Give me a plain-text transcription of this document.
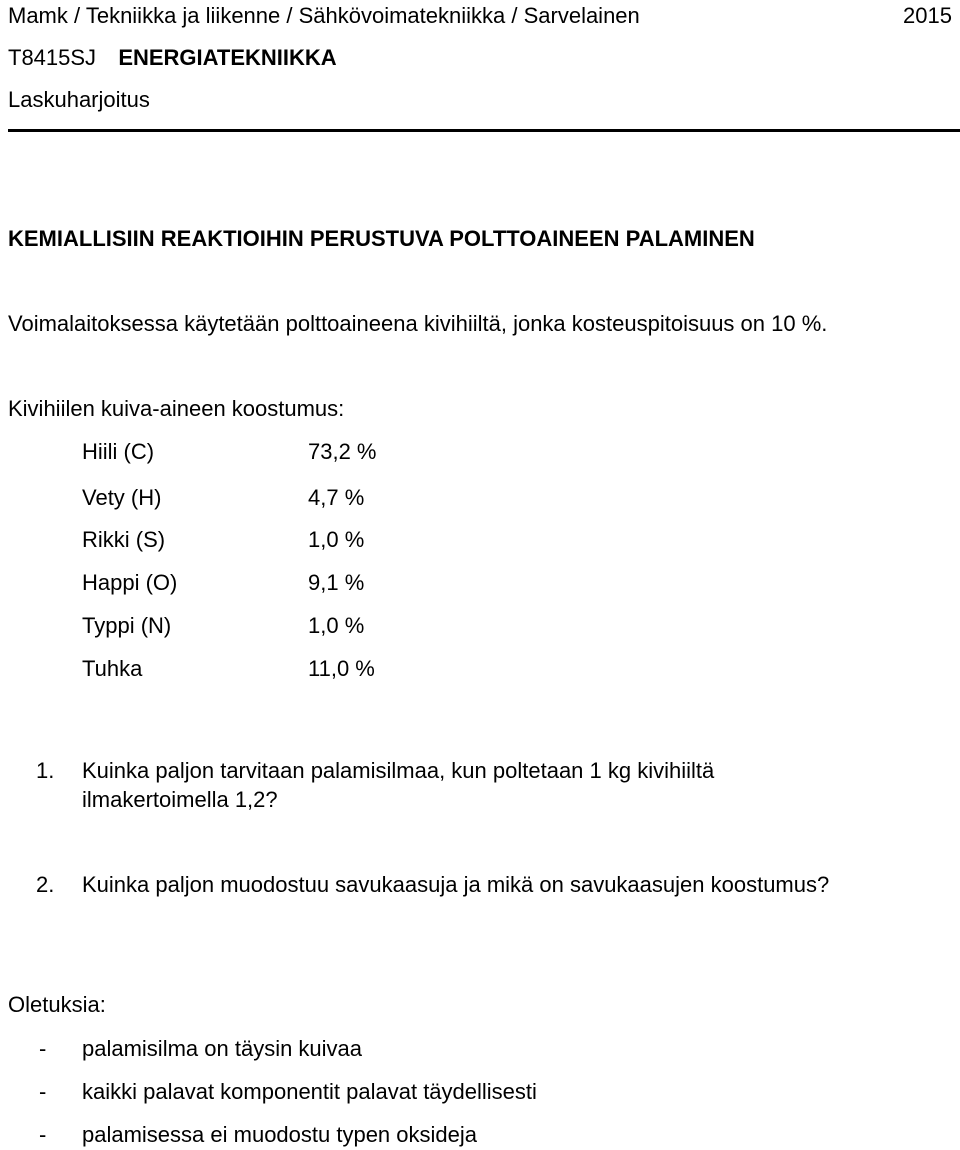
Mamk / Tekniikka ja liikenne / Sähkövoimatekniikka / Sarvelainen	2015
T8415SJ ENERGIATEKNIIKKA
Laskuharjoitus
KEMIALLISIIN REAKTIOIHIN PERUSTUVA POLTTOAINEEN PALAMINEN
Voimalaitoksessa käytetään polttoaineena kivihiiltä, jonka kosteuspitoisuus on 10 %.
Kivihiilen kuiva-aineen koostumus:
Hiili (C)	73,2 %
Vety (H)	4,7 %
Rikki (S)	1,0 %
Happi (O)	9,1 %
Typpi (N)	1,0 %
Tuhka	11,0 %
1. Kuinka paljon tarvitaan palamisilmaa, kun poltetaan 1 kg kivihiiltä
ilmakertoimella 1,2?
2. Kuinka paljon muodostuu savukaasuja ja mikä on savukaasujen koostumus?
Oletuksia:
- palamisilma on täysin kuivaa
- kaikki palavat komponentit palavat täydellisesti
- palamisessa ei muodostu typen oksideja
